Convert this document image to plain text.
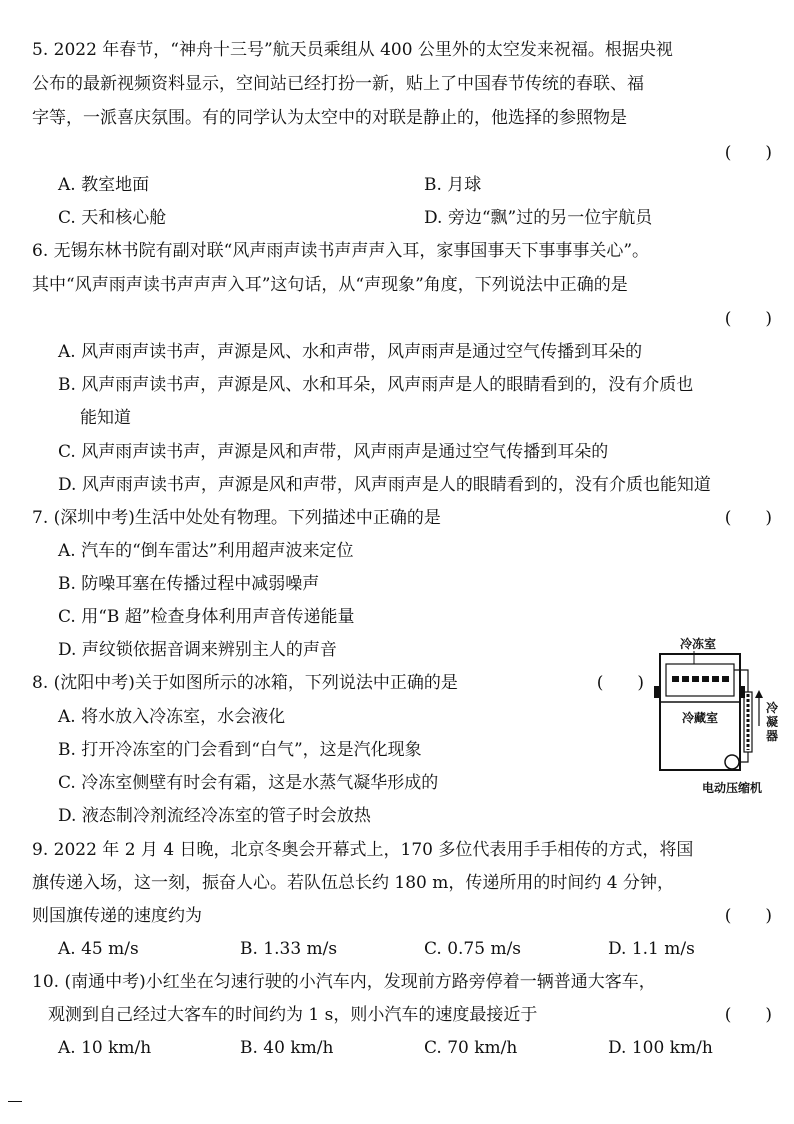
5. 2022 年春节，“神舟十三号”航天员乘组从 400 公里外的太空发来祝福。根据央视
公布的最新视频资料显示，空间站已经打扮一新，贴上了中国春节传统的春联、福
字等，一派喜庆氛围。有的同学认为太空中的对联是静止的，他选择的参照物是
(　　)
A. 教室地面	B. 月球
C. 天和核心舱	D. 旁边“飘”过的另一位宇航员
6. 无锡东林书院有副对联“风声雨声读书声声声入耳，家事国事天下事事事关心”。
其中“风声雨声读书声声声入耳”这句话，从“声现象”角度，下列说法中正确的是
(　　)
A. 风声雨声读书声，声源是风、水和声带，风声雨声是通过空气传播到耳朵的
B. 风声雨声读书声，声源是风、水和耳朵，风声雨声是人的眼睛看到的，没有介质也
能知道
C. 风声雨声读书声，声源是风和声带，风声雨声是通过空气传播到耳朵的
D. 风声雨声读书声，声源是风和声带，风声雨声是人的眼睛看到的，没有介质也能知道
7. (深圳中考)生活中处处有物理。下列描述中正确的是	(　　)
A. 汽车的“倒车雷达”利用超声波来定位
B. 防噪耳塞在传播过程中减弱噪声
C. 用“B 超”检查身体利用声音传递能量
D. 声纹锁依据音调来辨别主人的声音
8. (沈阳中考)关于如图所示的冰箱，下列说法中正确的是	(　　)
A. 将水放入冷冻室，水会液化
B. 打开冷冻室的门会看到“白气”，这是汽化现象
C. 冷冻室侧壁有时会有霜，这是水蒸气凝华形成的
D. 液态制冷剂流经冷冻室的管子时会放热
冷冻室
冷藏室
冷
凝
器
电动压缩机
9. 2022 年 2 月 4 日晚，北京冬奥会开幕式上，170 多位代表用手手相传的方式，将国
旗传递入场，这一刻，振奋人心。若队伍总长约 180 m，传递所用的时间约 4 分钟，
则国旗传递的速度约为	(　　)
A. 45 m/s	B. 1.33 m/s	C. 0.75 m/s	D. 1.1 m/s
10. (南通中考)小红坐在匀速行驶的小汽车内，发现前方路旁停着一辆普通大客车，
观测到自己经过大客车的时间约为 1 s，则小汽车的速度最接近于	(　　)
A. 10 km/h	B. 40 km/h	C. 70 km/h	D. 100 km/h
